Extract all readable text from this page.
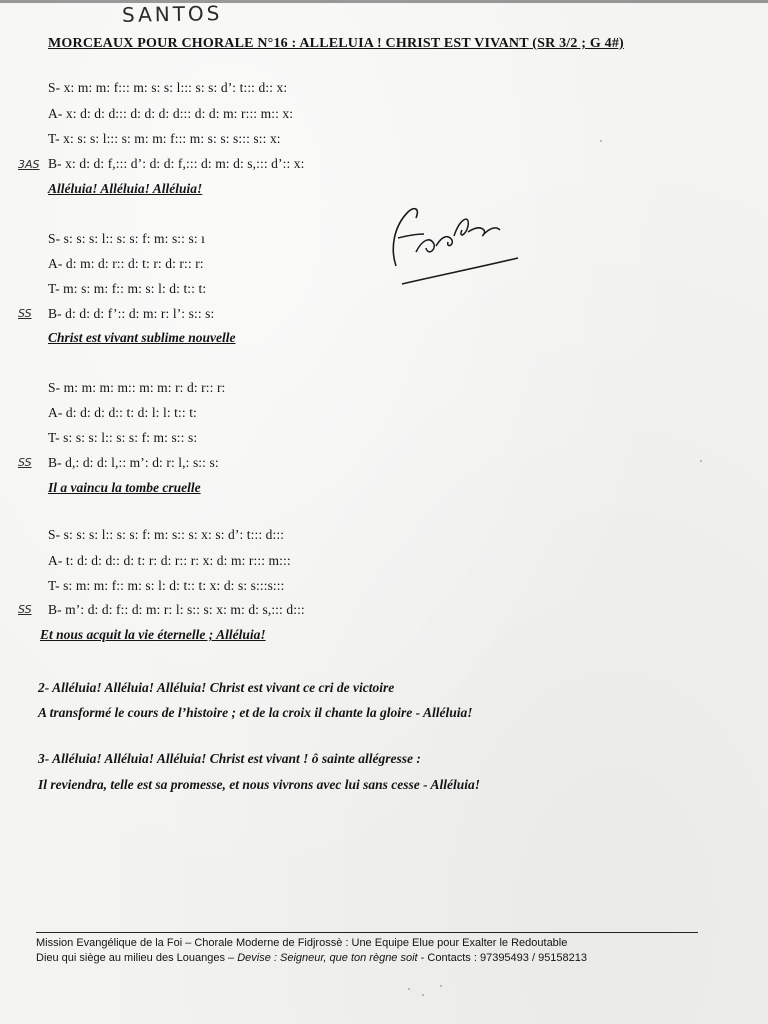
SANTOS
MORCEAUX POUR CHORALE N°16 : ALLELUIA ! CHRIST EST VIVANT (SR 3/2 ; G 4#)
S- x: m: m: f::: m: s: s: l::: s: s: d’: t::: d:: x:
A- x: d: d: d::: d: d: d: d::: d: d: m: r::: m:: x:
T- x: s: s: l::: s: m: m: f::: m: s: s: s::: s:: x:
3AS B- x: d: d: f,::: d’: d: d: f,::: d: m: d: s,::: d’:: x:
Alléluia! Alléluia! Alléluia!
Frère Brice
S- s: s: s: l:: s: s: f: m: s:: s: ı
A- d: m: d: r:: d: t: r: d: r:: r:
T- m: s: m: f:: m: s: l: d: t:: t:
SS B- d: d: d: f’:: d: m: r: l’: s:: s:
Christ est vivant sublime nouvelle
S- m: m: m: m:: m: m: r: d: r:: r:
A- d: d: d: d:: t: d: l: l: t:: t:
T- s: s: s: l:: s: s: f: m: s:: s:
SS B- d,: d: d: l,:: m’: d: r: l,: s:: s:
Il a vaincu la tombe cruelle
S- s: s: s: l:: s: s: f: m: s:: s: x: s: d’: t::: d:::
A- t: d: d: d:: d: t: r: d: r:: r: x: d: m: r::: m:::
T- s: m: m: f:: m: s: l: d: t:: t: x: d: s: s:::s:::
SS B- m’: d: d: f:: d: m: r: l: s:: s: x: m: d: s,::: d:::
Et nous acquit la vie éternelle ; Alléluia!
2- Alléluia! Alléluia! Alléluia! Christ est vivant ce cri de victoire
A transformé le cours de l’histoire ; et de la croix il chante la gloire - Alléluia!
3- Alléluia! Alléluia! Alléluia! Christ est vivant ! ô sainte allégresse :
Il reviendra, telle est sa promesse, et nous vivrons avec lui sans cesse - Alléluia!
Mission Evangélique de la Foi – Chorale Moderne de Fidjrossè : Une Equipe Elue pour Exalter le Redoutable
Dieu qui siège au milieu des Louanges – Devise : Seigneur, que ton règne soit - Contacts : 97395493 / 95158213
